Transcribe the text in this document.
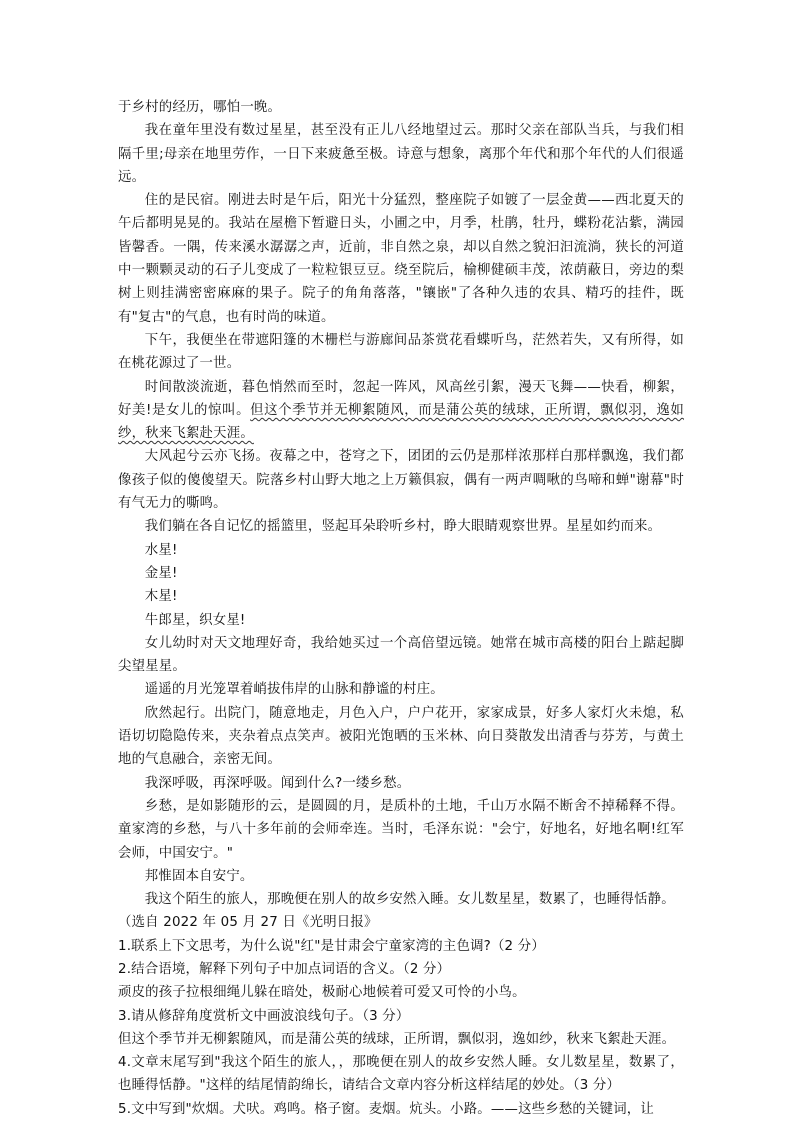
于乡村的经历，哪怕一晚。

我在童年里没有数过星星，甚至没有正儿八经地望过云。那时父亲在部队当兵，与我们相隔千里;母亲在地里劳作，一日下来疲惫至极。诗意与想象，离那个年代和那个年代的人们很遥远。

住的是民宿。刚进去时是午后，阳光十分猛烈，整座院子如镀了一层金黄——西北夏天的午后都明晃晃的。我站在屋檐下暂避日头，小圃之中，月季，杜鹃，牡丹，蝶粉花沾紫，满园皆馨香。一隅，传来溪水潺潺之声，近前，非自然之泉，却以自然之貌汩汩流淌，狭长的河道中一颗颗灵动的石子儿变成了一粒粒银豆豆。绕至院后，榆柳健硕丰茂，浓荫蔽日，旁边的梨树上则挂满密密麻麻的果子。院子的角角落落，"镶嵌"了各种久违的农具、精巧的挂件，既有"复古"的气息，也有时尚的味道。

下午，我便坐在带遮阳篷的木栅栏与游廊间品茶赏花看蝶听鸟，茫然若失，又有所得，如在桃花源过了一世。

时间散淡流逝，暮色悄然而至时，忽起一阵风，风高丝引絮，漫天飞舞——快看，柳絮，好美!是女儿的惊叫。但这个季节并无柳絮随风，而是蒲公英的绒球，正所谓，飘似羽，逸如纱，秋来飞絮赴天涯。

大风起兮云亦飞扬。夜幕之中，苍穹之下，团团的云仍是那样浓那样白那样飘逸，我们都像孩子似的傻傻望天。院落乡村山野大地之上万籁俱寂，偶有一两声啁啾的鸟啼和蝉"谢幕"时有气无力的嘶鸣。

我们躺在各自记忆的摇篮里，竖起耳朵聆听乡村，睁大眼睛观察世界。星星如约而来。

水星!

金星!

木星!

牛郎星，织女星!

女儿幼时对天文地理好奇，我给她买过一个高倍望远镜。她常在城市高楼的阳台上踮起脚尖望星星。

遥遥的月光笼罩着峭拔伟岸的山脉和静谧的村庄。

欣然起行。出院门，随意地走，月色入户，户户花开，家家成景，好多人家灯火未熄，私语切切隐隐传来，夹杂着点点笑声。被阳光饱晒的玉米林、向日葵散发出清香与芬芳，与黄土地的气息融合，亲密无间。

我深呼吸，再深呼吸。闻到什么?一缕乡愁。

乡愁，是如影随形的云，是圆圆的月，是质朴的土地，千山万水隔不断舍不掉稀释不得。童家湾的乡愁，与八十多年前的会师牵连。当时，毛泽东说："会宁，好地名，好地名啊!红军会师，中国安宁。"

邦惟固本自安宁。

我这个陌生的旅人，那晚便在别人的故乡安然入睡。女儿数星星，数累了，也睡得恬静。

（选自 2022 年 05 月 27 日《光明日报》

1.联系上下文思考，为什么说"红"是甘肃会宁童家湾的主色调?（2 分）

2.结合语境，解释下列句子中加点词语的含义。（2 分）

顽皮的孩子拉根细绳儿躲在暗处，极耐心地候着可爱又可怜的小鸟。

3.请从修辞角度赏析文中画波浪线句子。（3 分）

但这个季节并无柳絮随风，而是蒲公英的绒球，正所谓，飘似羽，逸如纱，秋来飞絮赴天涯。

4.文章末尾写到"我这个陌生的旅人，，那晚便在别人的故乡安然人睡。女儿数星星，数累了，也睡得恬静。"这样的结尾情韵绵长，请结合文章内容分析这样结尾的妙处。（3 分）

5.文中写到"炊烟。犬吠。鸡鸣。格子窗。麦烟。炕头。小路。——这些乡愁的关键词，让
